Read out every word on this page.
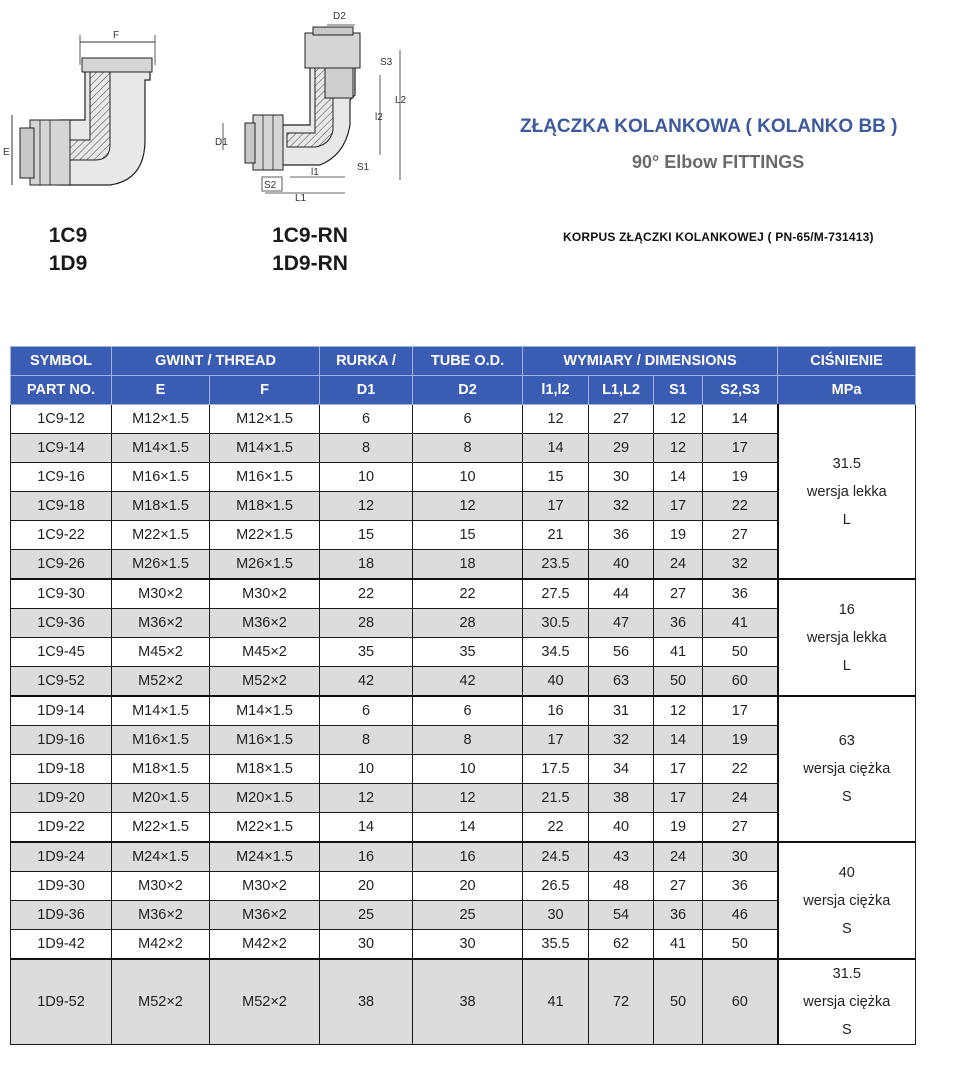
F
E
D2
S3
l2
L2
D1
S1
S2
l1
L1
1C9
1D9
1C9-RN
1D9-RN
ZŁĄCZKA KOLANKOWA ( KOLANKO BB )
90° Elbow FITTINGS
KORPUS ZŁĄCZKI KOLANKOWEJ ( PN-65/M-731413)
SYMBOL	GWINT / THREAD		RURKA /	TUBE O.D.	WYMIARY / DIMENSIONS				CIŚNIENIE
PART NO.	E	F	D1	D2	l1,l2	L1,L2	S1	S2,S3	MPa
1C9-12	M12×1.5	M12×1.5	6	6	12	27	12	14	31.5
wersja lekka
L

1C9-14	M14×1.5	M14×1.5	8	8	14	29	12	17	
1C9-16	M16×1.5	M16×1.5	10	10	15	30	14	19	
1C9-18	M18×1.5	M18×1.5	12	12	17	32	17	22	
1C9-22	M22×1.5	M22×1.5	15	15	21	36	19	27	
1C9-26	M26×1.5	M26×1.5	18	18	23.5	40	24	32	
1C9-30	M30×2	M30×2	22	22	27.5	44	27	36	16
wersja lekka
L

1C9-36	M36×2	M36×2	28	28	30.5	47	36	41	
1C9-45	M45×2	M45×2	35	35	34.5	56	41	50	
1C9-52	M52×2	M52×2	42	42	40	63	50	60	
1D9-14	M14×1.5	M14×1.5	6	6	16	31	12	17	63
wersja ciężka
S

1D9-16	M16×1.5	M16×1.5	8	8	17	32	14	19	
1D9-18	M18×1.5	M18×1.5	10	10	17.5	34	17	22	
1D9-20	M20×1.5	M20×1.5	12	12	21.5	38	17	24	
1D9-22	M22×1.5	M22×1.5	14	14	22	40	19	27	
1D9-24	M24×1.5	M24×1.5	16	16	24.5	43	24	30	40
wersja ciężka
S

1D9-30	M30×2	M30×2	20	20	26.5	48	27	36	
1D9-36	M36×2	M36×2	25	25	30	54	36	46	
1D9-42	M42×2	M42×2	30	30	35.5	62	41	50	
1D9-52	M52×2	M52×2	38	38	41	72	50	60	31.5
wersja ciężka
S
